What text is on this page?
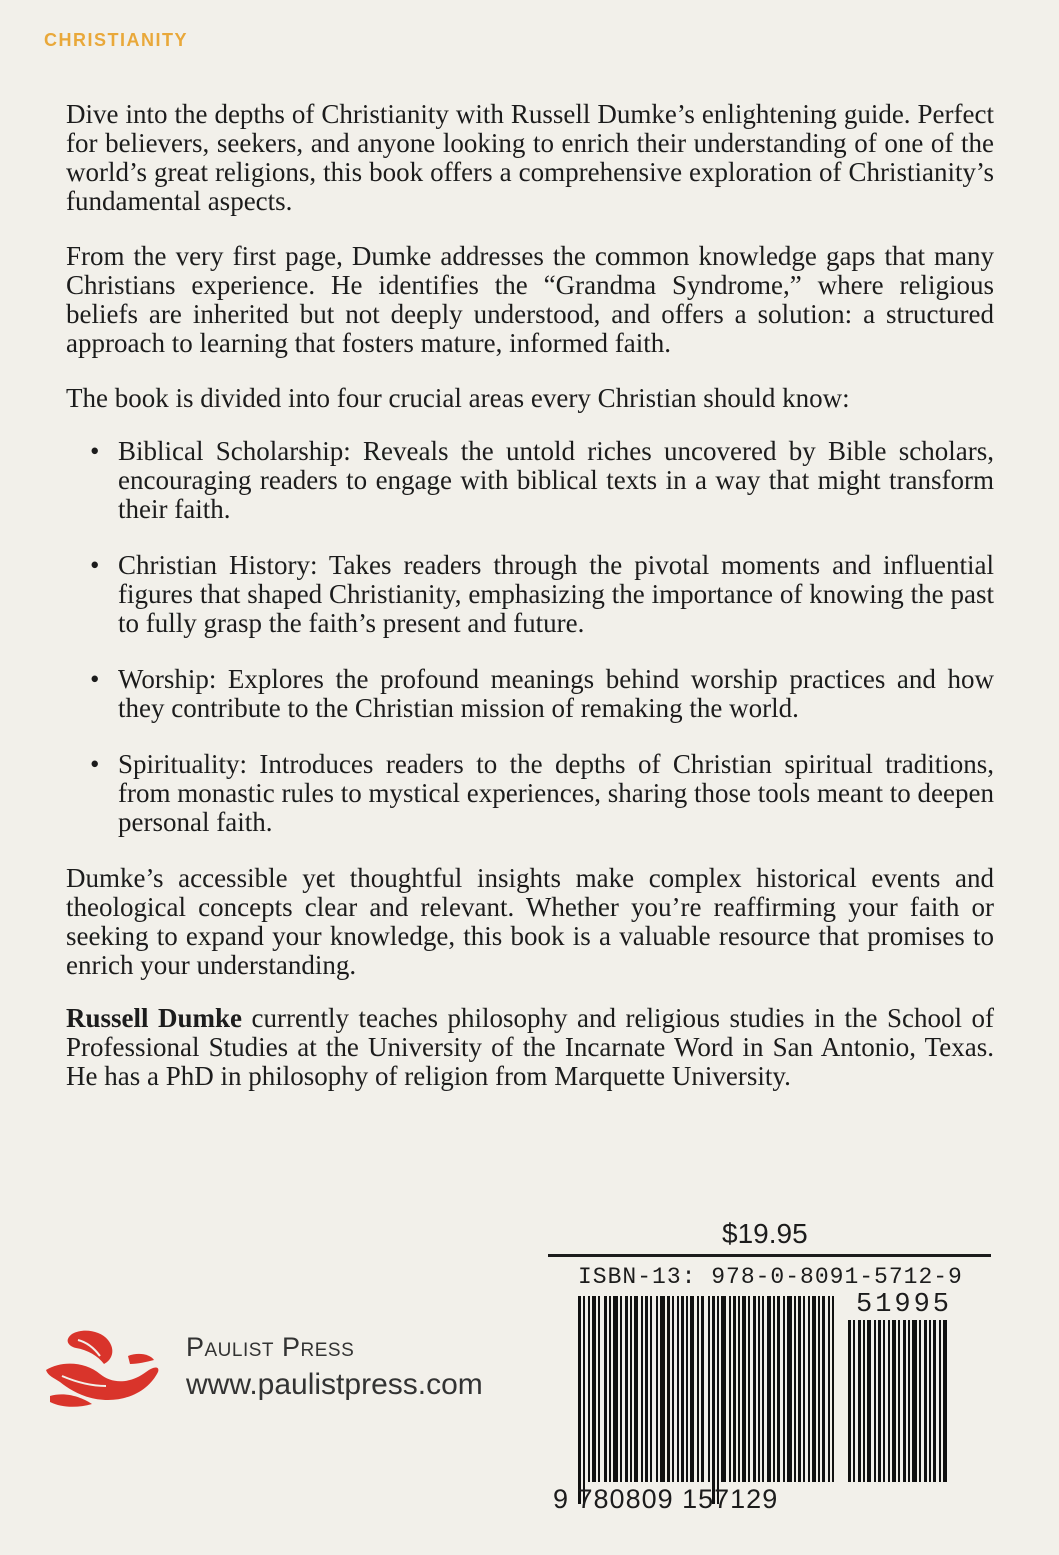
CHRISTIANITY

Dive into the depths of Christianity with Russell Dumke’s enlightening guide. Perfect for believers, seekers, and anyone looking to enrich their understanding of one of the world’s great religions, this book offers a comprehensive exploration of Christianity’s fundamental aspects.

From the very first page, Dumke addresses the common knowledge gaps that many Christians experience. He identifies the “Grandma Syndrome,” where religious beliefs are inherited but not deeply understood, and offers a solution: a structured approach to learning that fosters mature, informed faith.

The book is divided into four crucial areas every Christian should know:

• Biblical Scholarship: Reveals the untold riches uncovered by Bible scholars, encouraging readers to engage with biblical texts in a way that might transform their faith.
• Christian History: Takes readers through the pivotal moments and influential figures that shaped Christianity, emphasizing the importance of knowing the past to fully grasp the faith’s present and future.
• Worship: Explores the profound meanings behind worship practices and how they contribute to the Christian mission of remaking the world.
• Spirituality: Introduces readers to the depths of Christian spiritual traditions, from monastic rules to mystical experiences, sharing those tools meant to deepen personal faith.

Dumke’s accessible yet thoughtful insights make complex historical events and theological concepts clear and relevant. Whether you’re reaffirming your faith or seeking to expand your knowledge, this book is a valuable resource that promises to enrich your understanding.

Russell Dumke currently teaches philosophy and religious studies in the School of Professional Studies at the University of the Incarnate Word in San Antonio, Texas. He has a PhD in philosophy of religion from Marquette University.

$19.95
ISBN-13: 978-0-8091-5712-9
51995
9 780809 157129
Paulist Press
www.paulistpress.com
